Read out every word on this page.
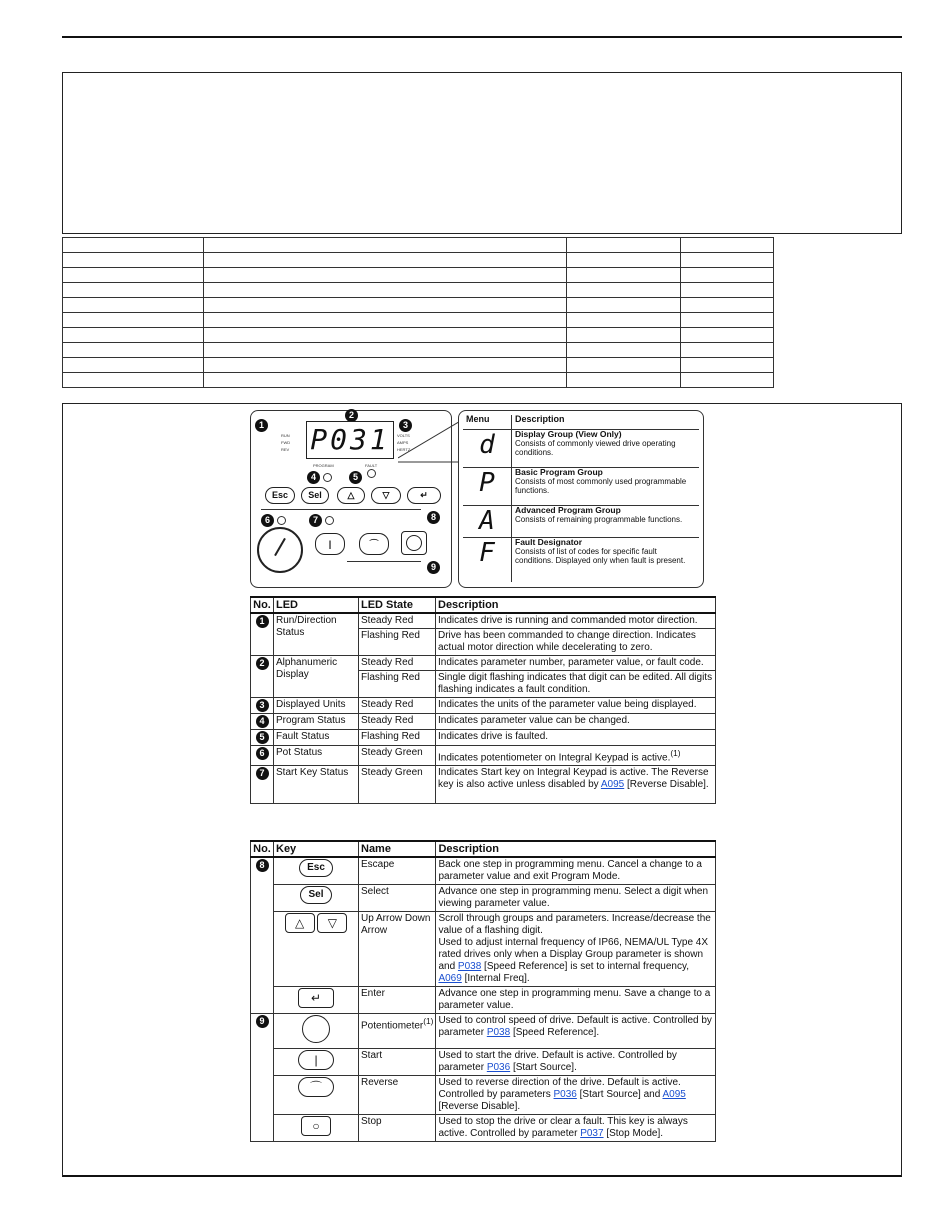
1
2
3
RUN
FWD
REV P031	VOLTS
AMPS
HERTZ
PROGRAM	FAULT
4	5
Esc	Sel	△	▽	↵
6	7	8
|	⌒
9
Menu	Description
d	Display Group (View Only)
Consists of commonly viewed drive operating conditions.

P	Basic Program Group
Consists of most commonly used programmable functions.

A	Advanced Program Group
Consists of remaining programmable functions.

F	Fault Designator
Consists of list of codes for specific fault conditions. Displayed only when fault is present.
No.	LED	LED State	Description
1	Run/Direction Status	Steady Red	Indicates drive is running and commanded motor direction.
		Flashing Red	Drive has been commanded to change direction. Indicates actual motor direction while decelerating to zero.
2	Alphanumeric Display	Steady Red	Indicates parameter number, parameter value, or fault code.
		Flashing Red	Single digit flashing indicates that digit can be edited. All digits flashing indicates a fault condition.
3	Displayed Units	Steady Red	Indicates the units of the parameter value being displayed.
4	Program Status	Steady Red	Indicates parameter value can be changed.
5	Fault Status	Flashing Red	Indicates drive is faulted.
6	Pot Status	Steady Green	Indicates potentiometer on Integral Keypad is active.$^{(1)}$
7	Start Key Status	Steady Green	Indicates Start key on Integral Keypad is active. The Reverse key is also active unless disabled by A095 [Reverse Disable].
No.	Key	Name	Description
8	Esc	Escape	Back one step in programming menu. Cancel a change to a parameter value and exit Program Mode.
	Sel	Select	Advance one step in programming menu. Select a digit when viewing parameter value.
	△ ▽	Up Arrow Down Arrow	Scroll through groups and parameters. Increase/decrease the value of a flashing digit.
Used to adjust internal frequency of IP66, NEMA/UL Type 4X rated drives only when a Display Group parameter is shown and P038 [Speed Reference] is set to internal frequency, A069 [Internal Freq].

	↵	Enter	Advance one step in programming menu. Save a change to a parameter value.
9		Potentiometer$^{(1)}$	Used to control speed of drive. Default is active. Controlled by parameter P038 [Speed Reference].
	|	Start	Used to start the drive. Default is active. Controlled by parameter P036 [Start Source].
	⌒	Reverse	Used to reverse direction of the drive. Default is active. Controlled by parameters P036 [Start Source] and A095 [Reverse Disable].
	○	Stop	Used to stop the drive or clear a fault. This key is always active. Controlled by parameter P037 [Stop Mode].
